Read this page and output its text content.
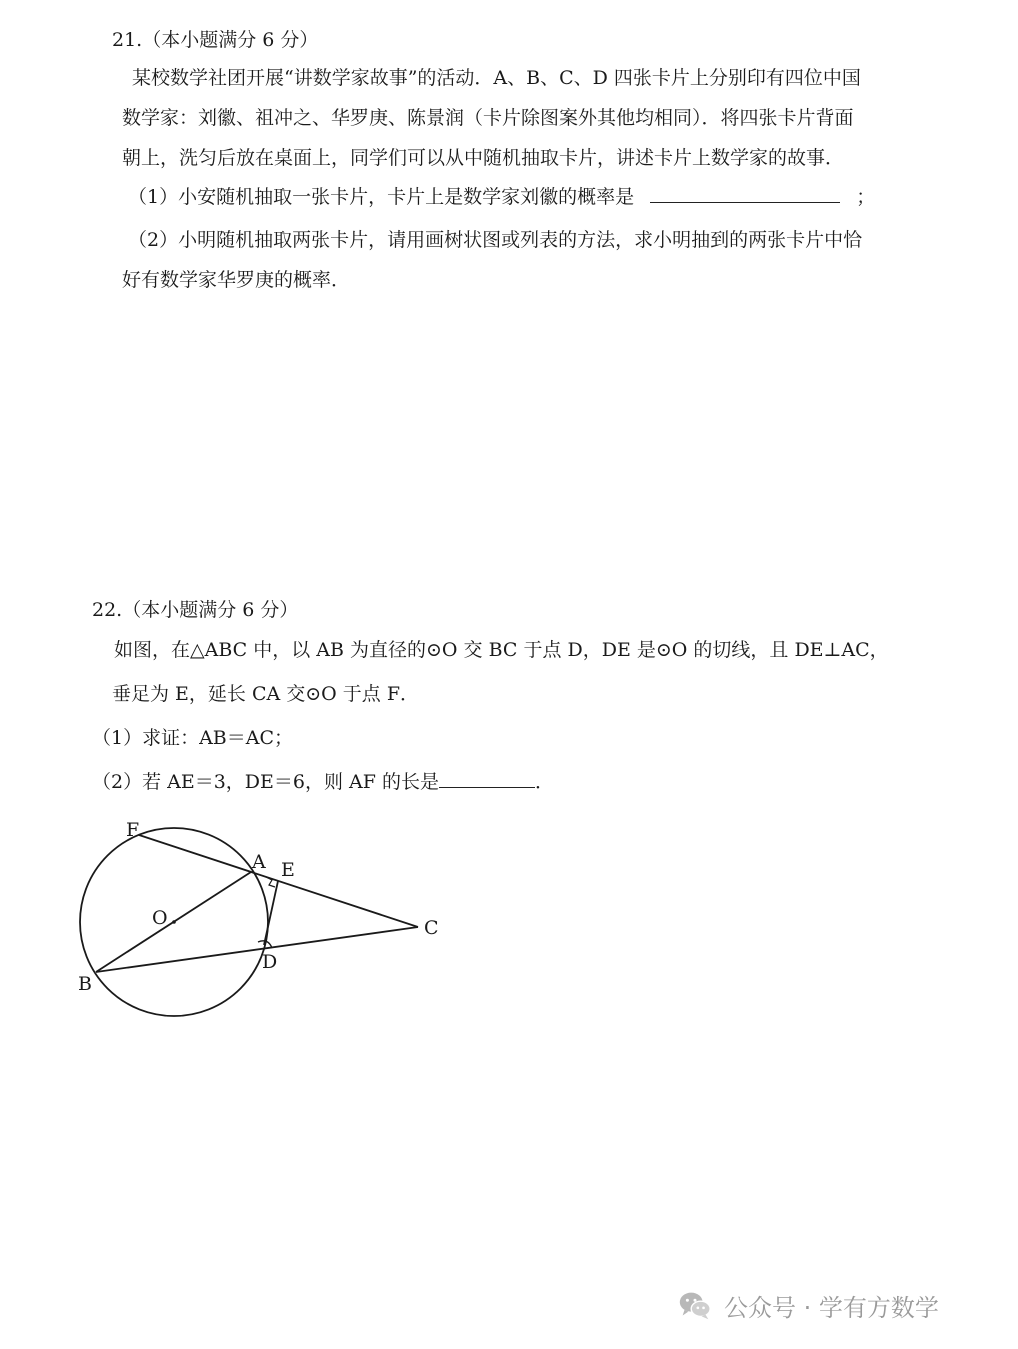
21.（本小题满分 6 分）
某校数学社团开展“讲数学家故事”的活动．A、B、C、D 四张卡片上分别印有四位中国
数学家：刘徽、祖冲之、华罗庚、陈景润（卡片除图案外其他均相同）．将四张卡片背面
朝上，洗匀后放在桌面上，同学们可以从中随机抽取卡片，讲述卡片上数学家的故事．
（1）小安随机抽取一张卡片，卡片上是数学家刘徽的概率是	；
（2）小明随机抽取两张卡片，请用画树状图或列表的方法，求小明抽到的两张卡片中恰
好有数学家华罗庚的概率．
22.（本小题满分 6 分）
如图，在△ABC 中，以 AB 为直径的⊙O 交 BC 于点 D，DE 是⊙O 的切线，且 DE⊥AC，
垂足为 E，延长 CA 交⊙O 于点 F．
（1）求证：AB＝AC；
（2）若 AE＝3，DE＝6，则 AF 的长是	．
F
A E
O	C
D
B
公众号 · 学有方数学
